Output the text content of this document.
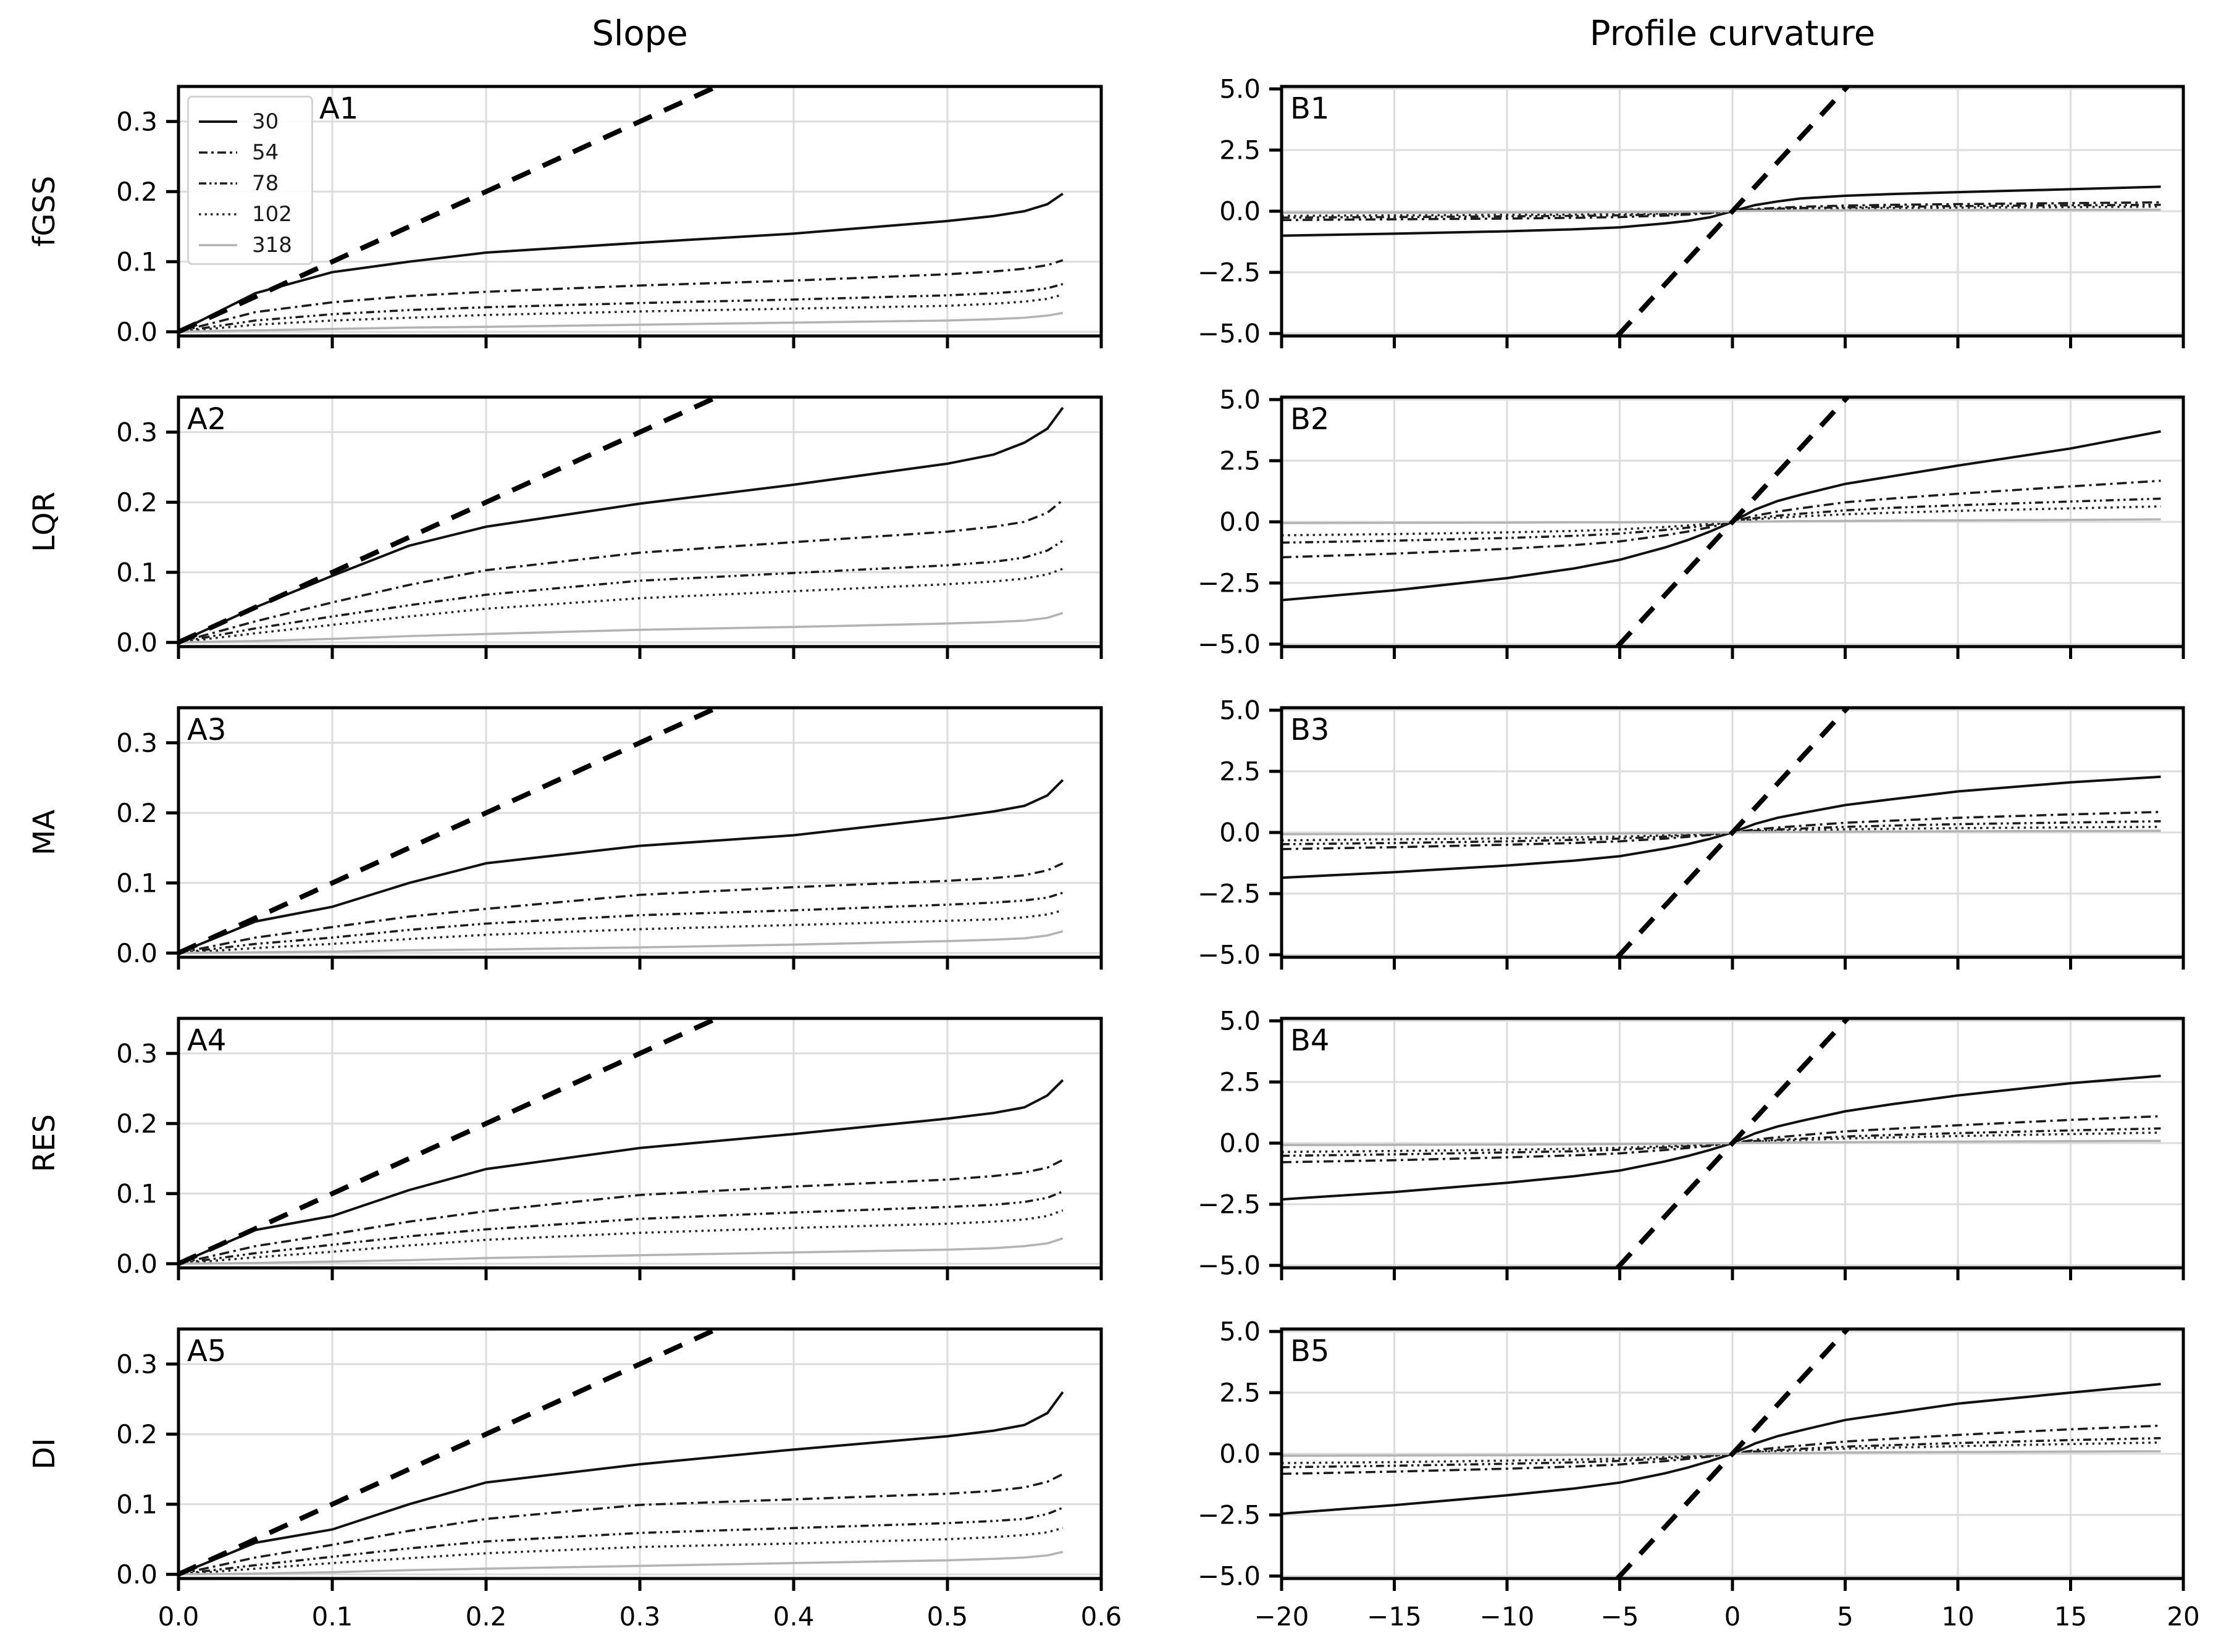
0.0
0.1
0.2
0.3
0.0
0.1
0.2
0.3
0.0
0.1
0.2
0.3
0.0
0.1
0.2
0.3
0.0	0.1	0.2	0.3	0.4	0.5	0.6
0.0
0.1
0.2
0.3
−5.0
−2.5
0.0
2.5
5.0
−5.0
−2.5
0.0
2.5
5.0
−5.0
−2.5
0.0
2.5
5.0
−5.0
−2.5
0.0
2.5
5.0
−20 −15 −10	−5	0	5	10	15	20
−5.0
−2.5
0.0
2.5
5.0
Slope	Profile curvature
fGSS
LQR
MA
RES
DI
A1
A2
A3
A4
A5
B1
B2
B3
B4
B5
30
54
78
102
318
